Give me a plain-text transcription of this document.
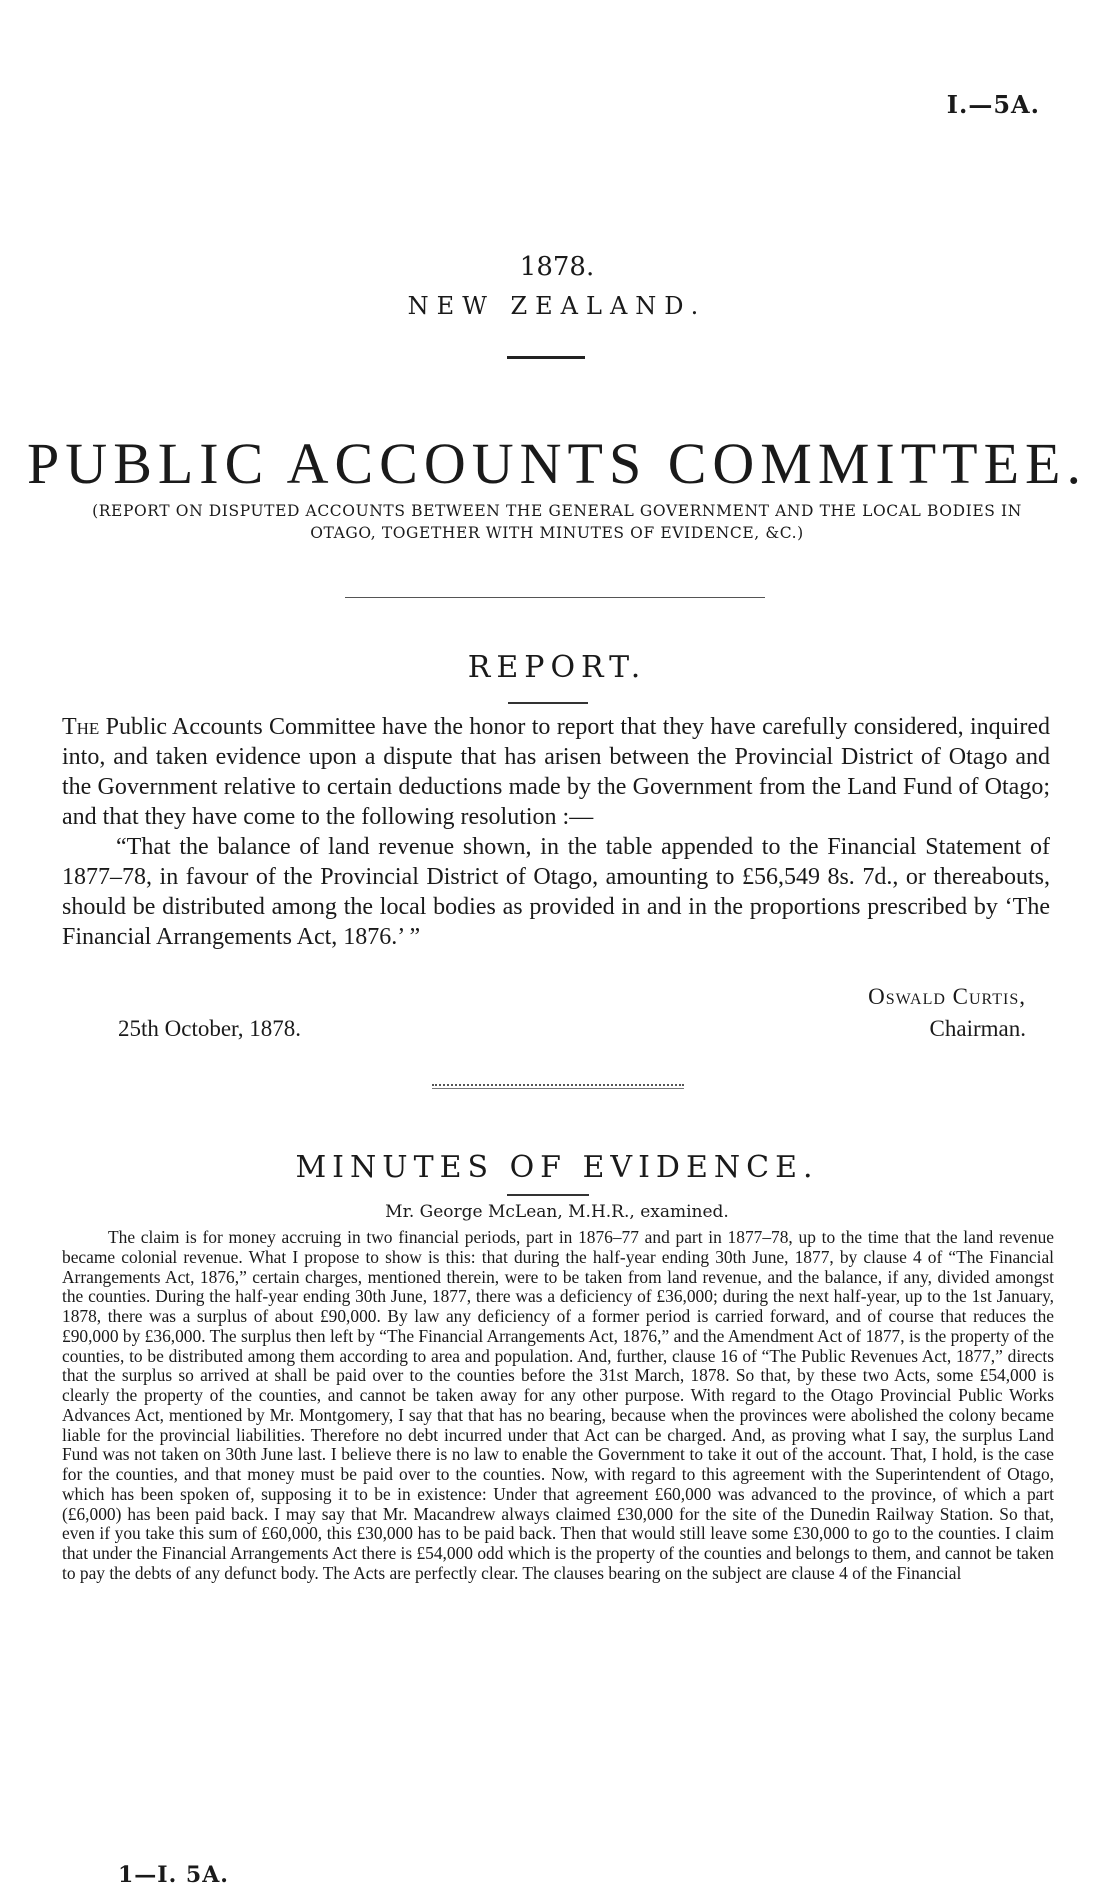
I.—5A.
1878.
NEW ZEALAND.
PUBLIC ACCOUNTS COMMITTEE.
(REPORT ON DISPUTED ACCOUNTS BETWEEN THE GENERAL GOVERNMENT AND THE LOCAL BODIES IN OTAGO, TOGETHER WITH MINUTES OF EVIDENCE, &C.)
REPORT.

The Public Accounts Committee have the honor to report that they have carefully considered, inquired into, and taken evidence upon a dispute that has arisen between the Provincial District of Otago and the Government relative to certain deductions made by the Government from the Land Fund of Otago; and that they have come to the following resolution :—

“That the balance of land revenue shown, in the table appended to the Financial Statement of 1877–78, in favour of the Provincial District of Otago, amounting to £56,549 8s. 7d., or thereabouts, should be distributed among the local bodies as provided in and in the proportions prescribed by ‘The Financial Arrangements Act, 1876.’ ”

Oswald Curtis,
25th October, 1878.	Chairman.
MINUTES OF EVIDENCE.
Mr. George McLean, M.H.R., examined.

The claim is for money accruing in two financial periods, part in 1876–77 and part in 1877–78, up to the time that the land revenue became colonial revenue. What I propose to show is this: that during the half-year ending 30th June, 1877, by clause 4 of “The Financial Arrangements Act, 1876,” certain charges, mentioned therein, were to be taken from land revenue, and the balance, if any, divided amongst the counties. During the half-year ending 30th June, 1877, there was a deficiency of £36,000; during the next half-year, up to the 1st January, 1878, there was a surplus of about £90,000. By law any deficiency of a former period is carried forward, and of course that reduces the £90,000 by £36,000. The surplus then left by “The Financial Arrangements Act, 1876,” and the Amendment Act of 1877, is the property of the counties, to be distributed among them according to area and population. And, further, clause 16 of “The Public Revenues Act, 1877,” directs that the surplus so arrived at shall be paid over to the counties before the 31st March, 1878. So that, by these two Acts, some £54,000 is clearly the property of the counties, and cannot be taken away for any other purpose. With regard to the Otago Provincial Public Works Advances Act, mentioned by Mr. Montgomery, I say that that has no bearing, because when the provinces were abolished the colony became liable for the provincial liabilities. Therefore no debt incurred under that Act can be charged. And, as proving what I say, the surplus Land Fund was not taken on 30th June last. I believe there is no law to enable the Government to take it out of the account. That, I hold, is the case for the counties, and that money must be paid over to the counties. Now, with regard to this agreement with the Superintendent of Otago, which has been spoken of, supposing it to be in existence: Under that agreement £60,000 was advanced to the province, of which a part (£6,000) has been paid back. I may say that Mr. Macandrew always claimed £30,000 for the site of the Dunedin Railway Station. So that, even if you take this sum of £60,000, this £30,000 has to be paid back. Then that would still leave some £30,000 to go to the counties. I claim that under the Financial Arrangements Act there is £54,000 odd which is the property of the counties and belongs to them, and cannot be taken to pay the debts of any defunct body. The Acts are perfectly clear. The clauses bearing on the subject are clause 4 of the Financial

1—I. 5A.
